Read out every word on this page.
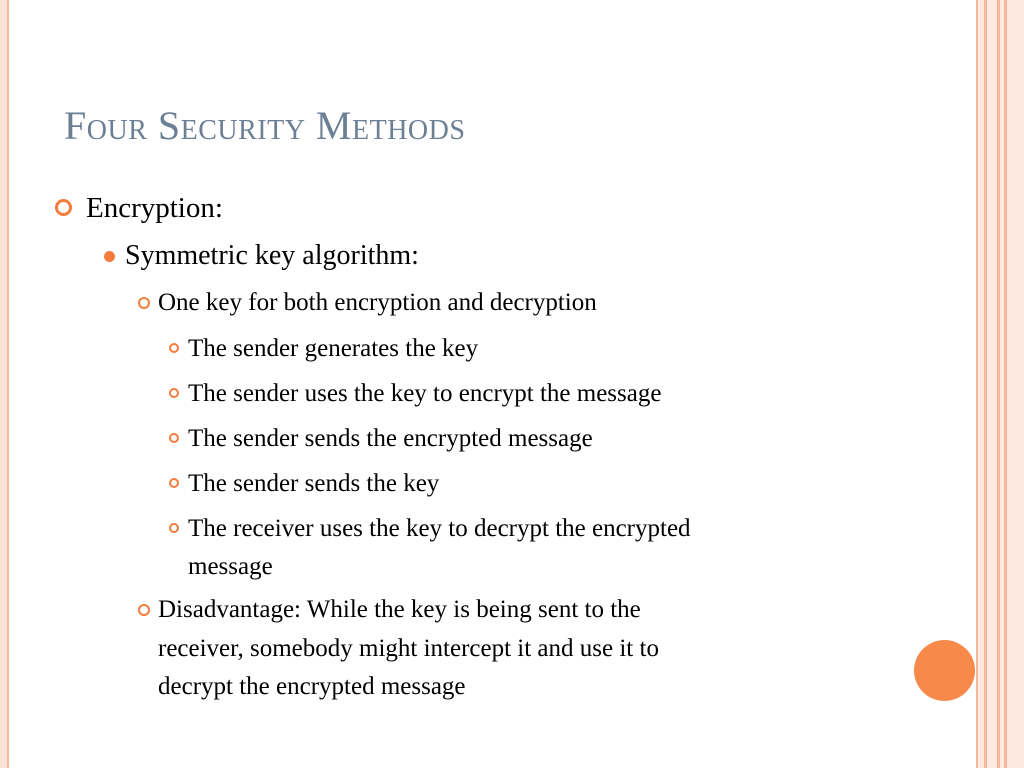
Four Security Methods
Encryption:
Symmetric key algorithm:
One key for both encryption and decryption
The sender generates the key
The sender uses the key to encrypt the message
The sender sends the encrypted message
The sender sends the key
The receiver uses the key to decrypt the encrypted
message
Disadvantage: While the key is being sent to the
receiver, somebody might intercept it and use it to
decrypt the encrypted message
